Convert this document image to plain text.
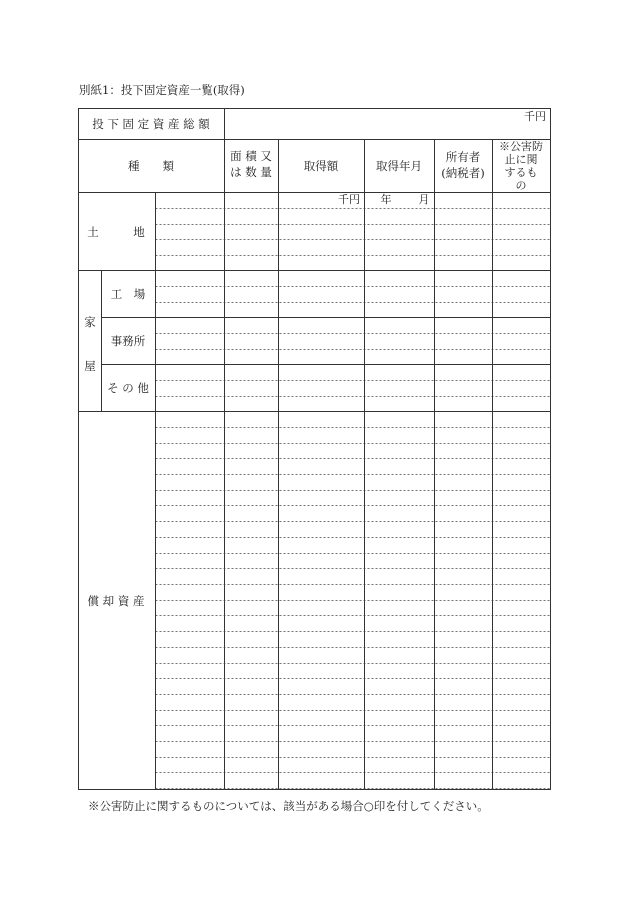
別紙1：投下固定資産一覧(取得)
投 下 固 定 資 産 総 額
千円
種　　類
面 積 又
は 数 量	取得額	取得年月
所有者
(納税者)
※公害防
止に関
するも
の
千円 年 月
土　　　地
家
屋
工　場
事務所
そ の 他
償 却 資 産
※公害防止に関するものについては、該当がある場合○印を付してください。
